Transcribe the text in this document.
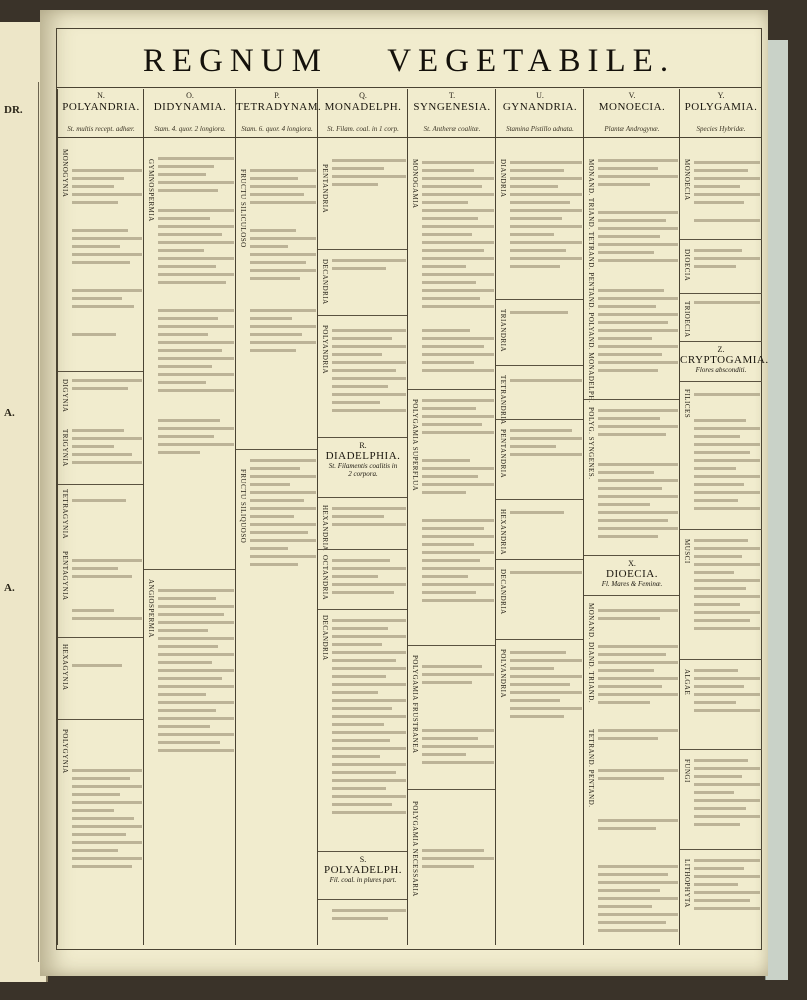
DR.
A.
A.
REGNUM VEGETABILE.
N.
POLYANDRIA.
St. multis recept. adhær.
MONOGYNIA
DIGYNIA
TRIGYNIA
TETRAGYNIA
PENTAGYNIA
HEXAGYNIA
POLYGYNIA
O.
DIDYNAMIA.
Stam. 4. quor. 2 longiora.
GYMNOSPERMIA
ANGIOSPERMIA
P.
TETRADYNAM.
Stam. 6. quor. 4 longiora.
FRUCTU SILICULOSO
FRUCTU SILIQUOSO
Q.
MONADELPH.
St. Filam. coal. in 1 corp.
PENTANDRIA
DECANDRIA
POLYANDRIA
R.
DIADELPHIA.
St. Filamentis coalitis in
2 corpora.
HEXANDRIA
OCTANDRIA
DECANDRIA
S.
POLYADELPH.
Fil. coal. in plures part.
T.
SYNGENESIA.
St. Antheræ coalitæ.
MONOGAMIA
POLYGAMIA SUPERFLUA
POLYGAMIA FRUSTRANEA
POLYGAMIA NECESSARIA
U.
GYNANDRIA.
Stamina Pistillo adnata.
DIANDRIA
TRIANDRIA
TETRANDRIA
PENTANDRIA
HEXANDRIA
DECANDRIA
POLYANDRIA
V.
MONOECIA.
Plantæ Androgynæ.
MONAND. TRIAND. TETRAND. PENTAND. POLYAND. MONADELPH.
POLYG. SYNGENES.
X.
DIOECIA.
Fl. Mares & Feminæ.
MONAND. DIAND. TRIAND.
TETRAND. PENTAND.
Y.
POLYGAMIA.
Species Hybridæ.
MONOECIA
DIOECIA
TRIOECIA
Z.
CRYPTOGAMIA.
Flores absconditi.
FILICES
MUSCI
ALGAE
FUNGI
LITHOPHYTA
